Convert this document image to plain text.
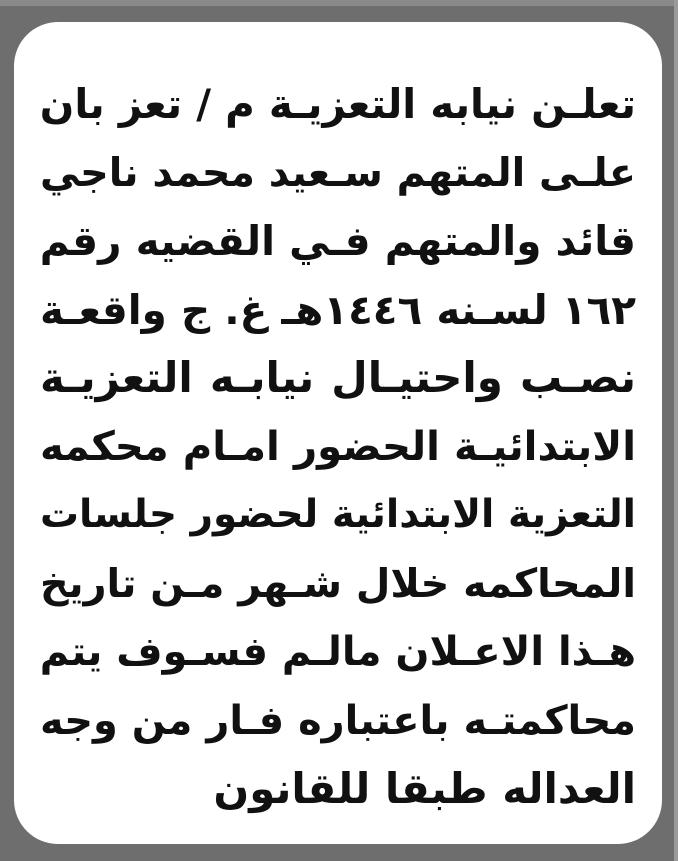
تعلـن نيابه التعزيـة م / تعز بان
علـى المتهم سـعيد محمد ناجي
قائد والمتهم فـي القضيه رقم
١٦٢ لسـنه ١٤٤٦هـ غ. ج واقعـة
نصـب واحتيـال نيابـه التعزيـة
الابتدائيـة الحضور امـام محكمه
التعزية الابتدائية لحضور جلسات
المحاكمه خلال شـهر مـن تاريخ
هـذا الاعـلان مالـم فسـوف يتم
محاكمتـه باعتباره فـار من وجه
العداله طبقا للقانون
